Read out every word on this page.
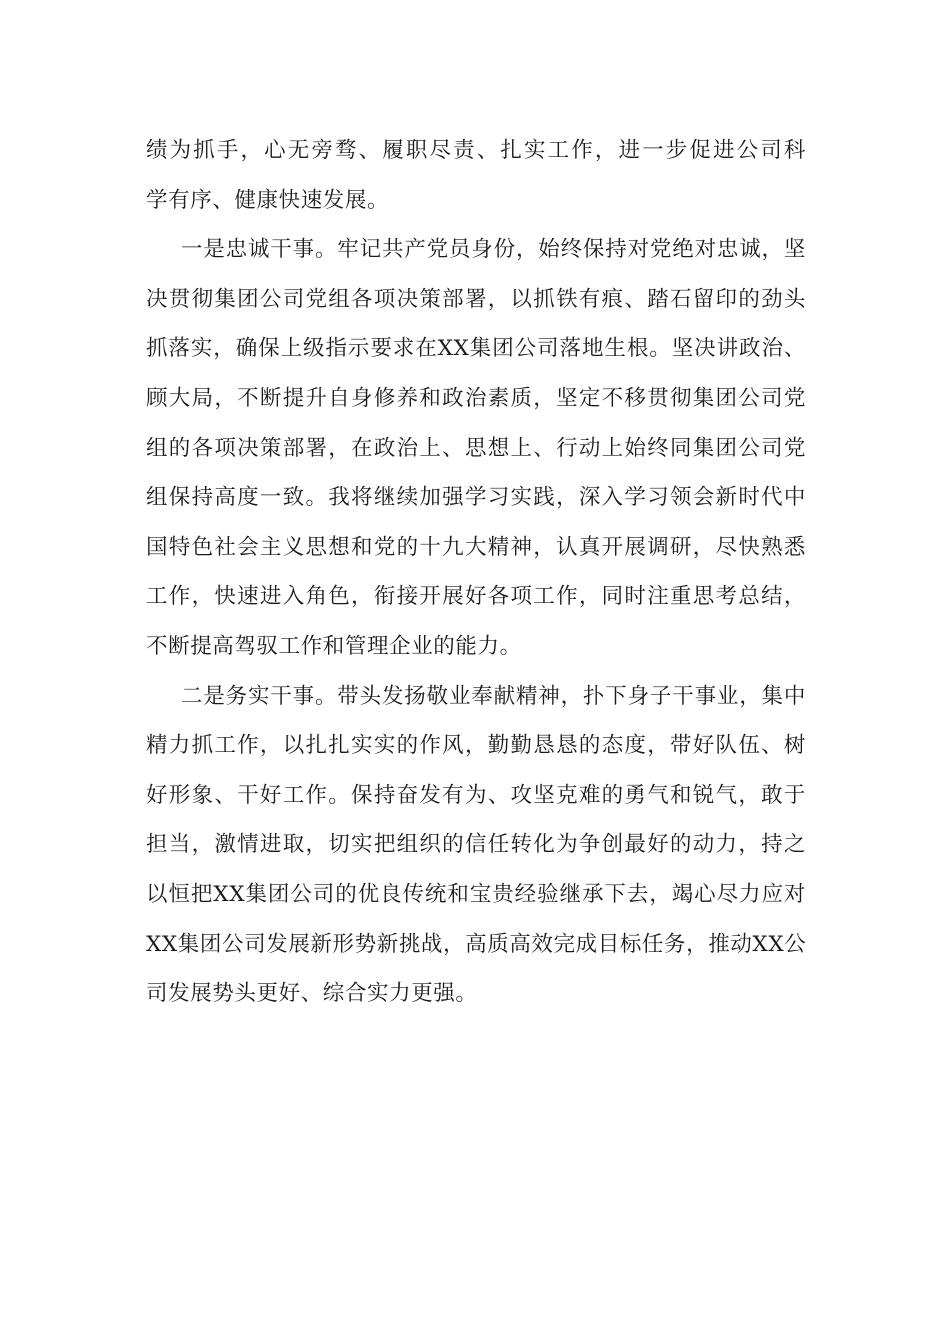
绩为抓手，心无旁骛、履职尽责、扎实工作，进一步促进公司科
学有序、健康快速发展。
一是忠诚干事。牢记共产党员身份，始终保持对党绝对忠诚，坚
决贯彻集团公司党组各项决策部署，以抓铁有痕、踏石留印的劲头
抓落实，确保上级指示要求在XX集团公司落地生根。坚决讲政治、
顾大局，不断提升自身修养和政治素质，坚定不移贯彻集团公司党
组的各项决策部署，在政治上、思想上、行动上始终同集团公司党
组保持高度一致。我将继续加强学习实践，深入学习领会新时代中
国特色社会主义思想和党的十九大精神，认真开展调研，尽快熟悉
工作，快速进入角色，衔接开展好各项工作，同时注重思考总结，
不断提高驾驭工作和管理企业的能力。
二是务实干事。带头发扬敬业奉献精神，扑下身子干事业，集中
精力抓工作，以扎扎实实的作风，勤勤恳恳的态度，带好队伍、树
好形象、干好工作。保持奋发有为、攻坚克难的勇气和锐气，敢于
担当，激情进取，切实把组织的信任转化为争创最好的动力，持之
以恒把XX集团公司的优良传统和宝贵经验继承下去，竭心尽力应对
XX集团公司发展新形势新挑战，高质高效完成目标任务，推动XX公
司发展势头更好、综合实力更强。
